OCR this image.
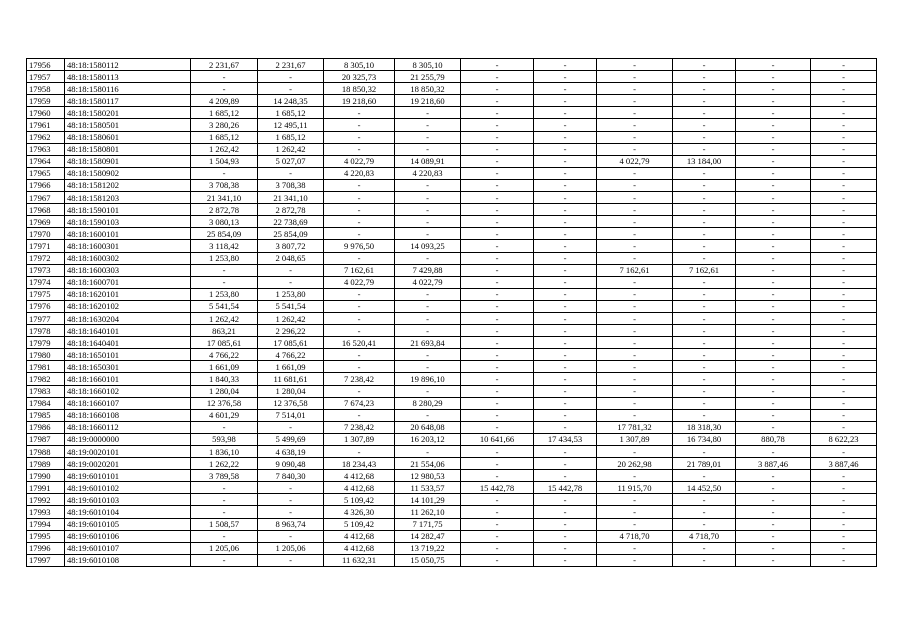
17956	48:18:1580112	2 231,67	2 231,67	8 305,10	8 305,10	-	-	-	-	-	-
17957	48:18:1580113	-	-	20 325,73	21 255,79	-	-	-	-	-	-
17958	48:18:1580116	-	-	18 850,32	18 850,32	-	-	-	-	-	-
17959	48:18:1580117	4 209,89	14 248,35	19 218,60	19 218,60	-	-	-	-	-	-
17960	48:18:1580201	1 685,12	1 685,12	-	-	-	-	-	-	-	-
17961	48:18:1580501	3 280,26	12 495,11	-	-	-	-	-	-	-	-
17962	48:18:1580601	1 685,12	1 685,12	-	-	-	-	-	-	-	-
17963	48:18:1580801	1 262,42	1 262,42	-	-	-	-	-	-	-	-
17964	48:18:1580901	1 504,93	5 027,07	4 022,79	14 089,91	-	-	4 022,79	13 184,00	-	-
17965	48:18:1580902	-	-	4 220,83	4 220,83	-	-	-	-	-	-
17966	48:18:1581202	3 708,38	3 708,38	-	-	-	-	-	-	-	-
17967	48:18:1581203	21 341,10	21 341,10	-	-	-	-	-	-	-	-
17968	48:18:1590101	2 872,78	2 872,78	-	-	-	-	-	-	-	-
17969	48:18:1590103	3 080,13	22 738,69	-	-	-	-	-	-	-	-
17970	48:18:1600101	25 854,09	25 854,09	-	-	-	-	-	-	-	-
17971	48:18:1600301	3 118,42	3 807,72	9 976,50	14 093,25	-	-	-	-	-	-
17972	48:18:1600302	1 253,80	2 048,65	-	-	-	-	-	-	-	-
17973	48:18:1600303	-	-	7 162,61	7 429,88	-	-	7 162,61	7 162,61	-	-
17974	48:18:1600701	-	-	4 022,79	4 022,79	-	-	-	-	-	-
17975	48:18:1620101	1 253,80	1 253,80	-	-	-	-	-	-	-	-
17976	48:18:1620102	5 541,54	5 541,54	-	-	-	-	-	-	-	-
17977	48:18:1630204	1 262,42	1 262,42	-	-	-	-	-	-	-	-
17978	48:18:1640101	863,21	2 296,22	-	-	-	-	-	-	-	-
17979	48:18:1640401	17 085,61	17 085,61	16 520,41	21 693,84	-	-	-	-	-	-
17980	48:18:1650101	4 766,22	4 766,22	-	-	-	-	-	-	-	-
17981	48:18:1650301	1 661,09	1 661,09	-	-	-	-	-	-	-	-
17982	48:18:1660101	1 840,33	11 681,61	7 238,42	19 896,10	-	-	-	-	-	-
17983	48:18:1660102	1 280,04	1 280,04	-	-	-	-	-	-	-	-
17984	48:18:1660107	12 376,58	12 376,58	7 674,23	8 280,29	-	-	-	-	-	-
17985	48:18:1660108	4 601,29	7 514,01	-	-	-	-	-	-	-	-
17986	48:18:1660112	-	-	7 238,42	20 648,08	-	-	17 781,32	18 318,30	-	-
17987	48:19:0000000	593,98	5 499,69	1 307,89	16 203,12	10 641,66	17 434,53	1 307,89	16 734,80	880,78	8 622,23
17988	48:19:0020101	1 836,10	4 638,19	-	-	-	-	-	-	-	-
17989	48:19:0020201	1 262,22	9 090,48	18 234,43	21 554,06	-	-	20 262,98	21 789,01	3 887,46	3 887,46
17990	48:19:6010101	3 789,58	7 840,30	4 412,68	12 980,53	-	-	-	-	-	-
17991	48:19:6010102	-	-	4 412,68	11 533,57	15 442,78	15 442,78	11 915,70	14 452,50	-	-
17992	48:19:6010103	-	-	5 109,42	14 101,29	-	-	-	-	-	-
17993	48:19:6010104	-	-	4 326,30	11 262,10	-	-	-	-	-	-
17994	48:19:6010105	1 508,57	8 963,74	5 109,42	7 171,75	-	-	-	-	-	-
17995	48:19:6010106	-	-	4 412,68	14 282,47	-	-	4 718,70	4 718,70	-	-
17996	48:19:6010107	1 205,06	1 205,06	4 412,68	13 719,22	-	-	-	-	-	-
17997	48:19:6010108	-	-	11 632,31	15 050,75	-	-	-	-	-	-
